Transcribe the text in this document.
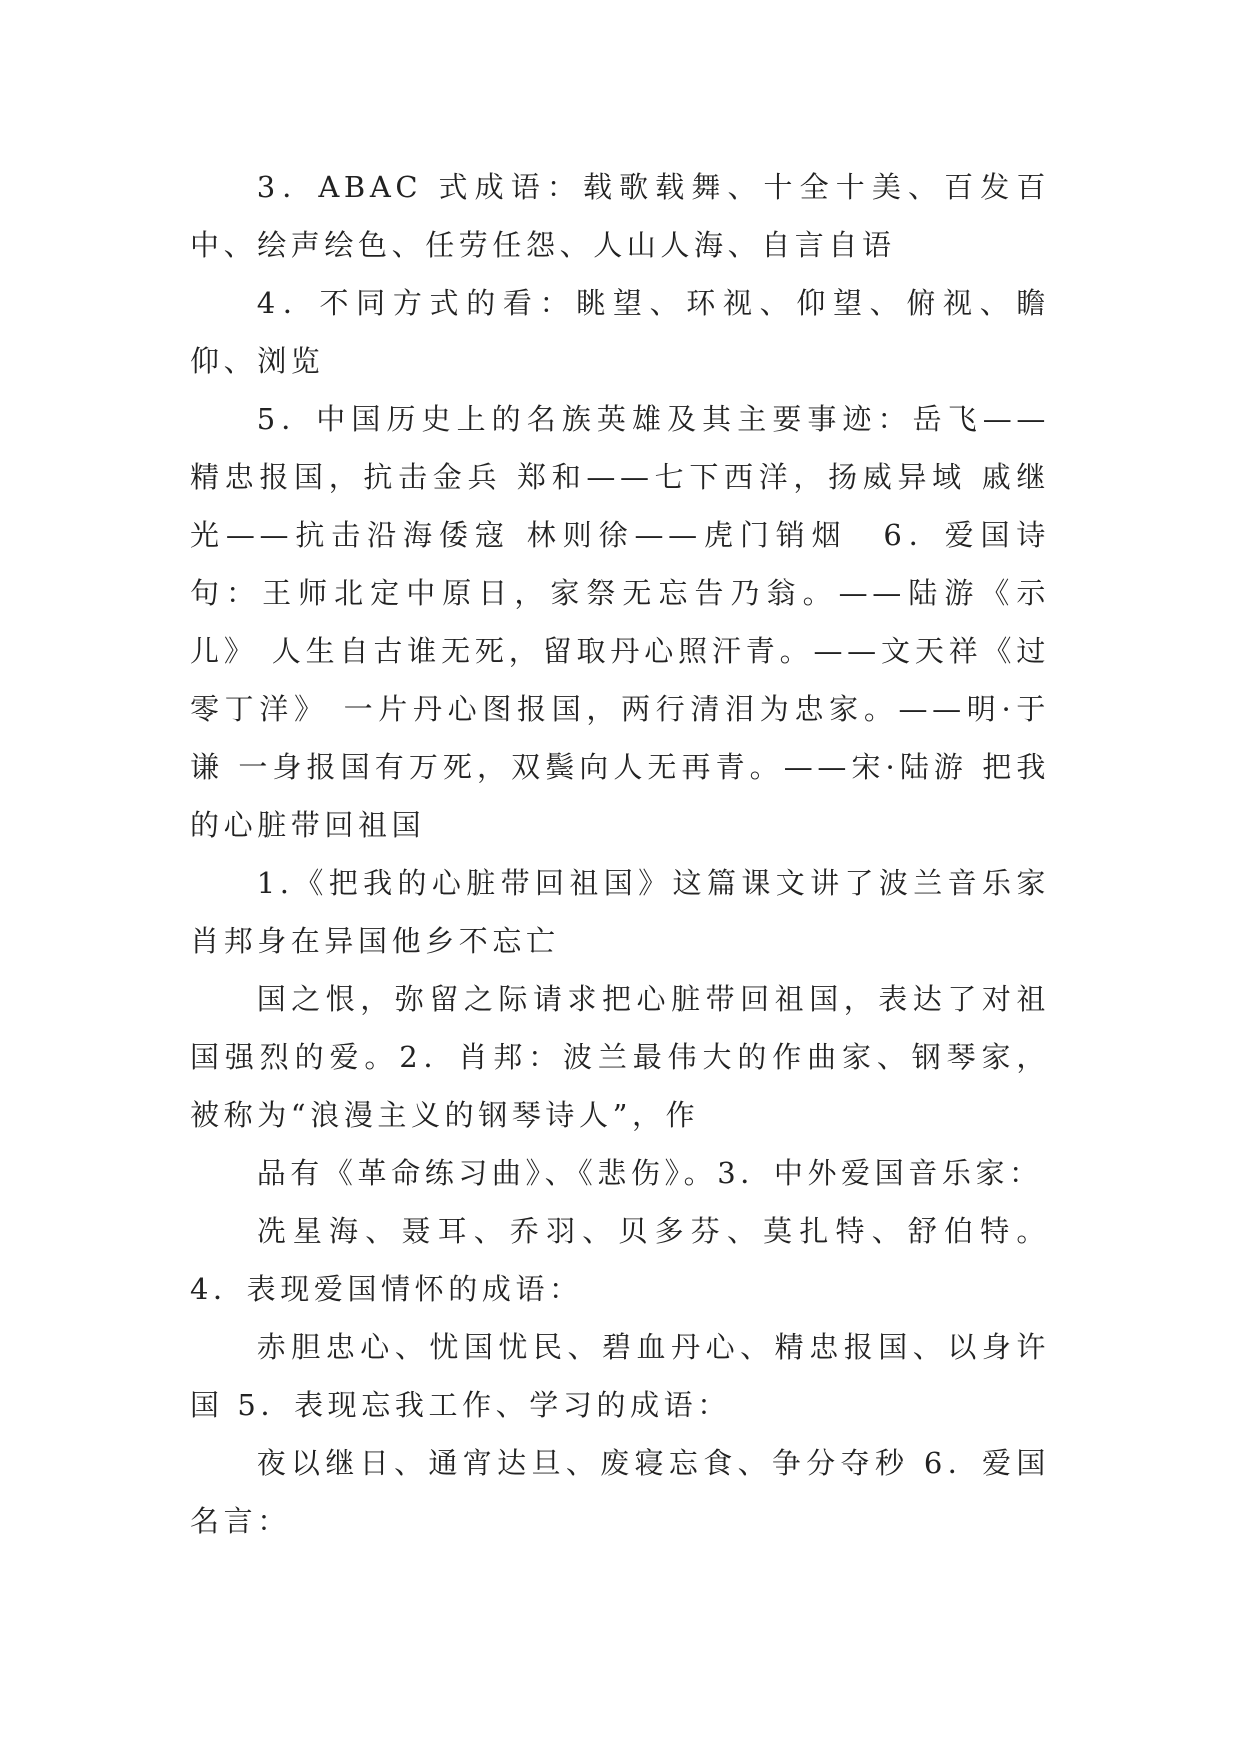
3．ABAC 式成语：载歌载舞、十全十美、百发百中、绘声绘色、任劳任怨、人山人海、自言自语

4．不同方式的看：眺望、环视、仰望、俯视、瞻仰、浏览

5．中国历史上的名族英雄及其主要事迹：岳飞——精忠报国，抗击金兵 郑和——七下西洋，扬威异域 戚继光——抗击沿海倭寇 林则徐——虎门销烟　6．爱国诗句：王师北定中原日，家祭无忘告乃翁。——陆游《示儿》 人生自古谁无死，留取丹心照汗青。——文天祥《过零丁洋》 一片丹心图报国，两行清泪为忠家。——明·于谦 一身报国有万死，双鬓向人无再青。——宋·陆游 把我的心脏带回祖国

1.《把我的心脏带回祖国》这篇课文讲了波兰音乐家肖邦身在异国他乡不忘亡

国之恨，弥留之际请求把心脏带回祖国，表达了对祖国强烈的爱。2．肖邦：波兰最伟大的作曲家、钢琴家，被称为“浪漫主义的钢琴诗人”，作

品有《革命练习曲》、《悲伤》。3．中外爱国音乐家：

冼星海、聂耳、乔羽、贝多芬、莫扎特、舒伯特。4．表现爱国情怀的成语：

赤胆忠心、忧国忧民、碧血丹心、精忠报国、以身许国 5．表现忘我工作、学习的成语：

夜以继日、通宵达旦、废寝忘食、争分夺秒 6．爱国名言：
